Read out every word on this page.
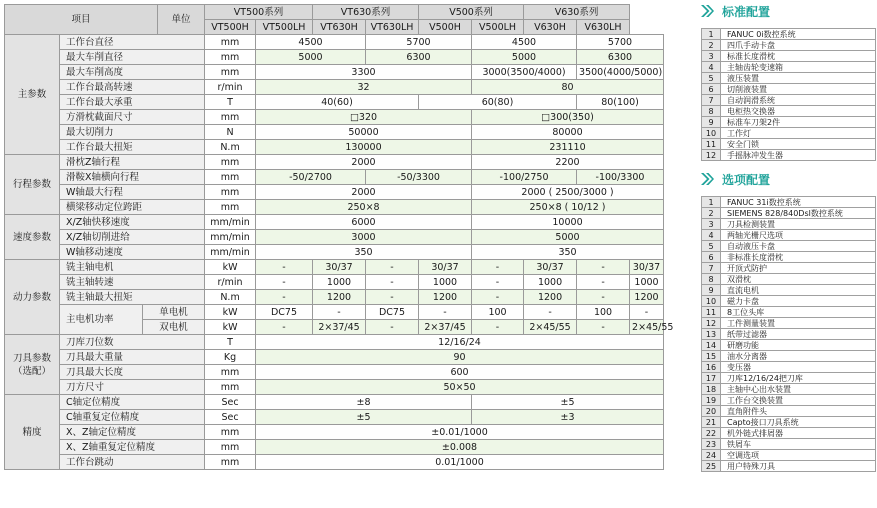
项目			单位	VT500系列		VT630系列		V500系列		V630系列		
				VT500H	VT500LH	VT630H	VT630LH	V500H	V500LH	V630H	V630LH	
主参数	工作台直径			mm	4500		5700		4500		5700	
	最大车削直径			mm	5000		6300		5000		6300	
	最大车削高度			mm	3300				3000(3500/4000)		3500(4000/5000)	
	工作台最高转速			r/min	32				80			
	工作台最大承重			T	40(60)			60(80)			80(100)	
	方滑枕截面尺寸			mm	□320				□300(350)			
	最大切削力			N	50000				80000			
	工作台最大扭矩			N.m	130000				231110			
行程参数	滑枕Z轴行程			mm	2000				2200			
	滑鞍X轴横向行程			mm	-50/2700		-50/3300		-100/2750		-100/3300	
	W轴最大行程			mm	2000				2000 ( 2500/3000 )			
	横梁移动定位跨距			mm	250×8				250×8 ( 10/12 )			
速度参数	X/Z轴快移速度			mm/min	6000				10000			
	X/Z轴切削进给			mm/min	3000				5000			
	W轴移动速度			mm/min	350				350			
动力参数	铣主轴电机			kW	-	30/37	-	30/37	-	30/37	-	30/37
	铣主轴转速			r/min	-	1000	-	1000	-	1000	-	1000
	铣主轴最大扭矩			N.m	-	1200	-	1200	-	1200	-	1200
	主电机功率	单电机		kW	DC75	-	DC75	-	100	-	100	-
		双电机		kW	-	2×37/45	-	2×37/45	-	2×45/55	-	2×45/55
刀具参数
（选配）	刀库刀位数			T	12/16/24							
	刀具最大重量			Kg	90							
	刀具最大长度			mm	600							
	刀方尺寸			mm	50×50							
精度	C轴定位精度			Sec	±8				±5			
	C轴重复定位精度			Sec	±5				±3			
	X、Z轴定位精度			mm	±0.01/1000							
	X、Z轴重复定位精度			mm	±0.008							
	工作台跳动			mm	0.01/1000							
标准配置
1	FANUC 0i数控系统
2	四爪手动卡盘
3	标准长度滑枕
4	主轴齿轮变速箱
5	液压装置
6	切削液装置
7	自动润滑系统
8	电柜热交换器
9	标准车刀架2件
10	工作灯
11	安全门锁
12	手摇脉冲发生器
选项配置
1	FANUC 31i数控系统
2	SIEMENS 828/840Dsl数控系统
3	刀具检测装置
4	两轴光栅尺选项
5	自动液压卡盘
6	非标准长度滑枕
7	开顶式防护
8	双滑枕
9	直流电机
10	磁力卡盘
11	8工位头库
12	工件测量装置
13	纸带过滤器
14	研磨功能
15	油水分离器
16	变压器
17	刀库12/16/24把刀库
18	主轴中心出水装置
19	工作台交换装置
20	直角附件头
21	Capto接口刀具系统
22	机外链式排屑器
23	铁屑车
24	空调选项
25	用户特殊刀具
